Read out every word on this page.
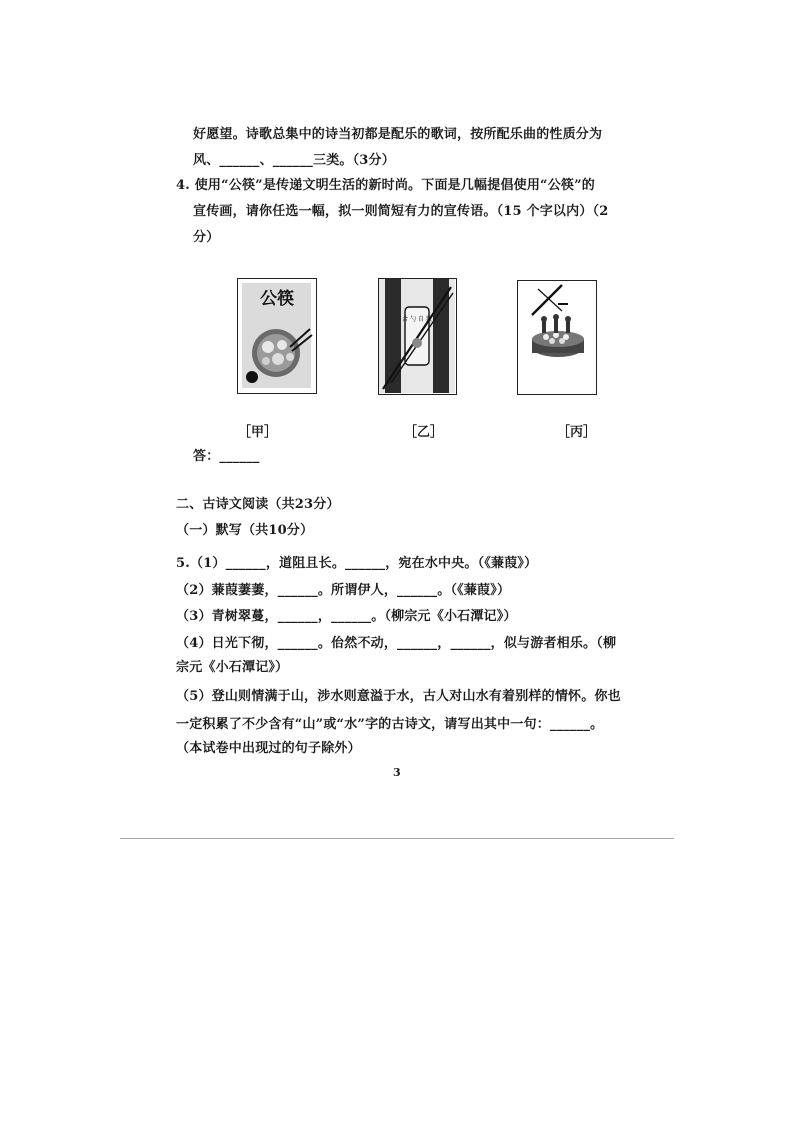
好愿望。诗歌总集中的诗当初都是配乐的歌词，按所配乐曲的性质分为
风、______、______三类。（3分）
4. 使用“公筷”是传递文明生活的新时尚。下面是几幅提倡使用“公筷”的
宣传画，请你任选一幅，拟一则简短有力的宣传语。（15 个字以内）（2
分）
公筷
合 勺 自 叛
［甲］	［乙］	［丙］
答：______
二、古诗文阅读（共23分）
（一）默写（共10分）
5.（1）______，道阻且长。______，宛在水中央。（《蒹葭》）
（2）蒹葭萋萋，______。所谓伊人，______。（《蒹葭》）
（3）青树翠蔓，______，______。（柳宗元《小石潭记》）
（4）日光下彻，______。佁然不动，______，______，似与游者相乐。（柳
宗元《小石潭记》）
（5）登山则情满于山，涉水则意溢于水，古人对山水有着别样的情怀。你也
一定积累了不少含有“山”或“水”字的古诗文，请写出其中一句：______。
（本试卷中出现过的句子除外）
3
